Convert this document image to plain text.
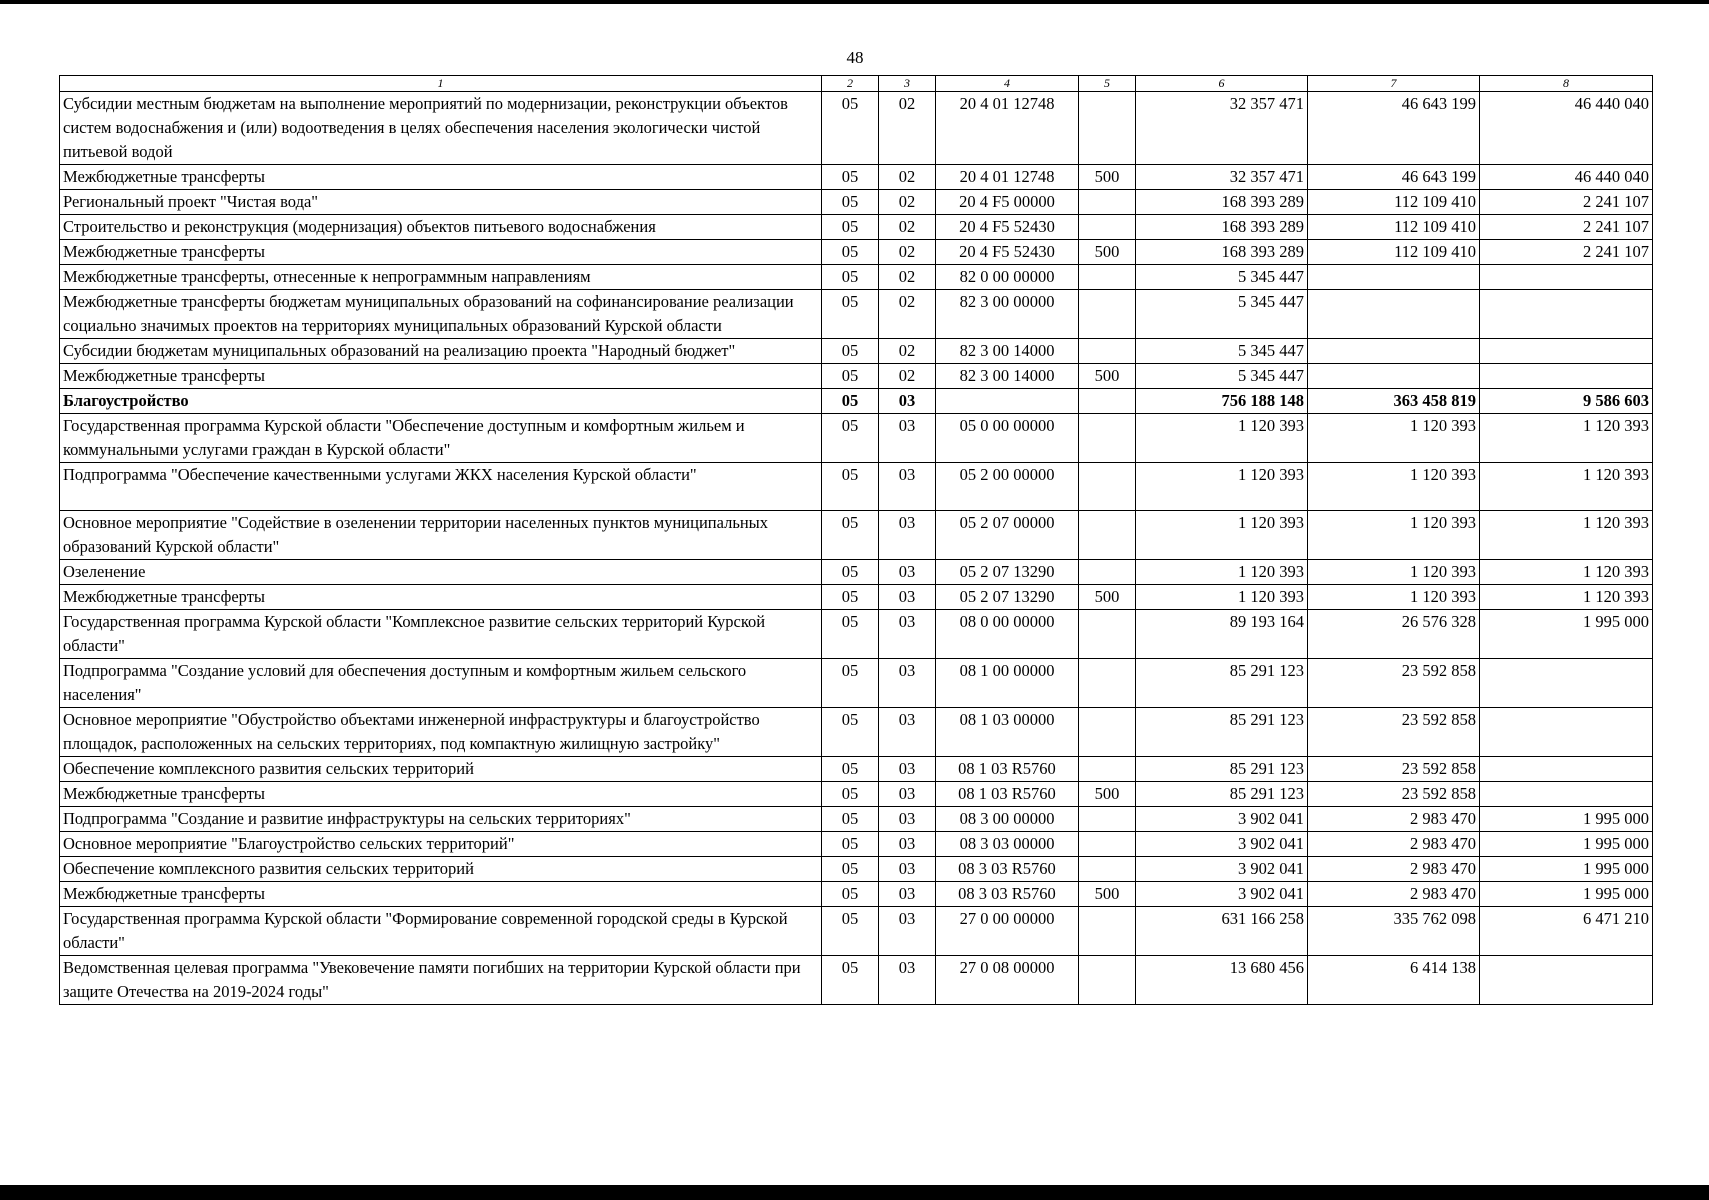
48
1	2	3	4	5	6	7	8
Субсидии местным бюджетам на выполнение мероприятий по модернизации, реконструкции объектов систем водоснабжения и (или) водоотведения в целях обеспечения населения экологически чистой питьевой водой	05	02	20 4 01 12748		32 357 471	46 643 199	46 440 040
Межбюджетные трансферты	05	02	20 4 01 12748	500	32 357 471	46 643 199	46 440 040
Региональный проект "Чистая вода"	05	02	20 4 F5 00000		168 393 289	112 109 410	2 241 107
Строительство и реконструкция (модернизация) объектов питьевого водоснабжения	05	02	20 4 F5 52430		168 393 289	112 109 410	2 241 107
Межбюджетные трансферты	05	02	20 4 F5 52430	500	168 393 289	112 109 410	2 241 107
Межбюджетные трансферты, отнесенные к непрограммным направлениям	05	02	82 0 00 00000		5 345 447		
Межбюджетные трансферты бюджетам муниципальных образований на софинансирование реализации социально значимых проектов на территориях муниципальных образований Курской области	05	02	82 3 00 00000		5 345 447		
Субсидии бюджетам муниципальных образований на реализацию проекта "Народный бюджет"	05	02	82 3 00 14000		5 345 447		
Межбюджетные трансферты	05	02	82 3 00 14000	500	5 345 447		
Благоустройство	05	03			756 188 148	363 458 819	9 586 603
Государственная программа Курской области "Обеспечение доступным и комфортным жильем и коммунальными услугами граждан в Курской области"	05	03	05 0 00 00000		1 120 393	1 120 393	1 120 393
Подпрограмма "Обеспечение качественными услугами ЖКХ населения Курской области"	05	03	05 2 00 00000		1 120 393	1 120 393	1 120 393
Основное мероприятие "Содействие в озеленении территории населенных пунктов муниципальных образований Курской области"	05	03	05 2 07 00000		1 120 393	1 120 393	1 120 393
Озеленение	05	03	05 2 07 13290		1 120 393	1 120 393	1 120 393
Межбюджетные трансферты	05	03	05 2 07 13290	500	1 120 393	1 120 393	1 120 393
Государственная программа Курской области "Комплексное развитие сельских территорий Курской области"	05	03	08 0 00 00000		89 193 164	26 576 328	1 995 000
Подпрограмма "Создание условий для обеспечения доступным и комфортным жильем сельского населения"	05	03	08 1 00 00000		85 291 123	23 592 858	
Основное мероприятие "Обустройство объектами инженерной инфраструктуры и благоустройство площадок, расположенных на сельских территориях, под компактную жилищную застройку"	05	03	08 1 03 00000		85 291 123	23 592 858	
Обеспечение комплексного развития сельских территорий	05	03	08 1 03 R5760		85 291 123	23 592 858	
Межбюджетные трансферты	05	03	08 1 03 R5760	500	85 291 123	23 592 858	
Подпрограмма "Создание и развитие инфраструктуры на сельских территориях"	05	03	08 3 00 00000		3 902 041	2 983 470	1 995 000
Основное мероприятие "Благоустройство сельских территорий"	05	03	08 3 03 00000		3 902 041	2 983 470	1 995 000
Обеспечение комплексного развития сельских территорий	05	03	08 3 03 R5760		3 902 041	2 983 470	1 995 000
Межбюджетные трансферты	05	03	08 3 03 R5760	500	3 902 041	2 983 470	1 995 000
Государственная программа Курской области "Формирование современной городской среды в Курской области"	05	03	27 0 00 00000		631 166 258	335 762 098	6 471 210
Ведомственная целевая программа "Увековечение памяти погибших на территории Курской области при защите Отечества на 2019-2024 годы"	05	03	27 0 08 00000		13 680 456	6 414 138	
